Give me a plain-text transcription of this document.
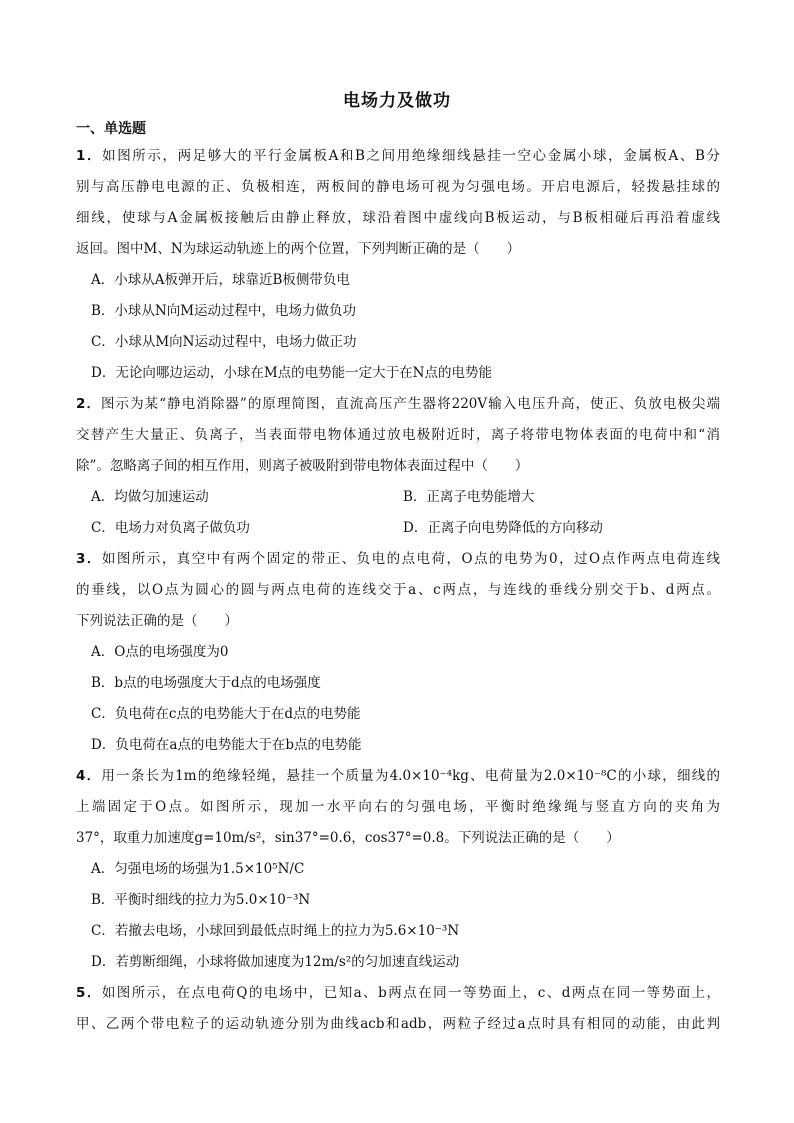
电场力及做功
一、单选题
1．如图所示，两足够大的平行金属板A和B之间用绝缘细线悬挂一空心金属小球，金属板A、B分
别与高压静电电源的正、负极相连，两板间的静电场可视为匀强电场。开启电源后，轻拨悬挂球的
细线，使球与A金属板接触后由静止释放，球沿着图中虚线向B板运动，与B板相碰后再沿着虚线
返回。图中M、N为球运动轨迹上的两个位置，下列判断正确的是（　　）
A．小球从A板弹开后，球靠近B板侧带负电
B．小球从N向M运动过程中，电场力做负功
C．小球从M向N运动过程中，电场力做正功
D．无论向哪边运动，小球在M点的电势能一定大于在N点的电势能
2．图示为某“静电消除器”的原理简图，直流高压产生器将220V输入电压升高，使正、负放电极尖端
交替产生大量正、负离子，当表面带电物体通过放电极附近时，离子将带电物体表面的电荷中和“消
除”。忽略离子间的相互作用，则离子被吸附到带电物体表面过程中（　　）
A．均做匀加速运动	B．正离子电势能增大
C．电场力对负离子做负功	D．正离子向电势降低的方向移动
3．如图所示，真空中有两个固定的带正、负电的点电荷，O点的电势为0，过O点作两点电荷连线
的垂线，以O点为圆心的圆与两点电荷的连线交于a、c两点，与连线的垂线分别交于b、d两点。
下列说法正确的是（　　）
A．O点的电场强度为0
B．b点的电场强度大于d点的电场强度
C．负电荷在c点的电势能大于在d点的电势能
D．负电荷在a点的电势能大于在b点的电势能
4．用一条长为1m的绝缘轻绳，悬挂一个质量为4.0×10⁻⁴kg、电荷量为2.0×10⁻⁸C的小球，细线的
上端固定于O点。如图所示，现加一水平向右的匀强电场，平衡时绝缘绳与竖直方向的夹角为
37°，取重力加速度g=10m/s²，sin37°=0.6，cos37°=0.8。下列说法正确的是（　　）
A．匀强电场的场强为1.5×10⁵N/C
B．平衡时细线的拉力为5.0×10⁻³N
C．若撤去电场，小球回到最低点时绳上的拉力为5.6×10⁻³N
D．若剪断细绳，小球将做加速度为12m/s²的匀加速直线运动
5．如图所示，在点电荷Q的电场中，已知a、b两点在同一等势面上，c、d两点在同一等势面上，
甲、乙两个带电粒子的运动轨迹分别为曲线acb和adb，两粒子经过a点时具有相同的动能，由此判
